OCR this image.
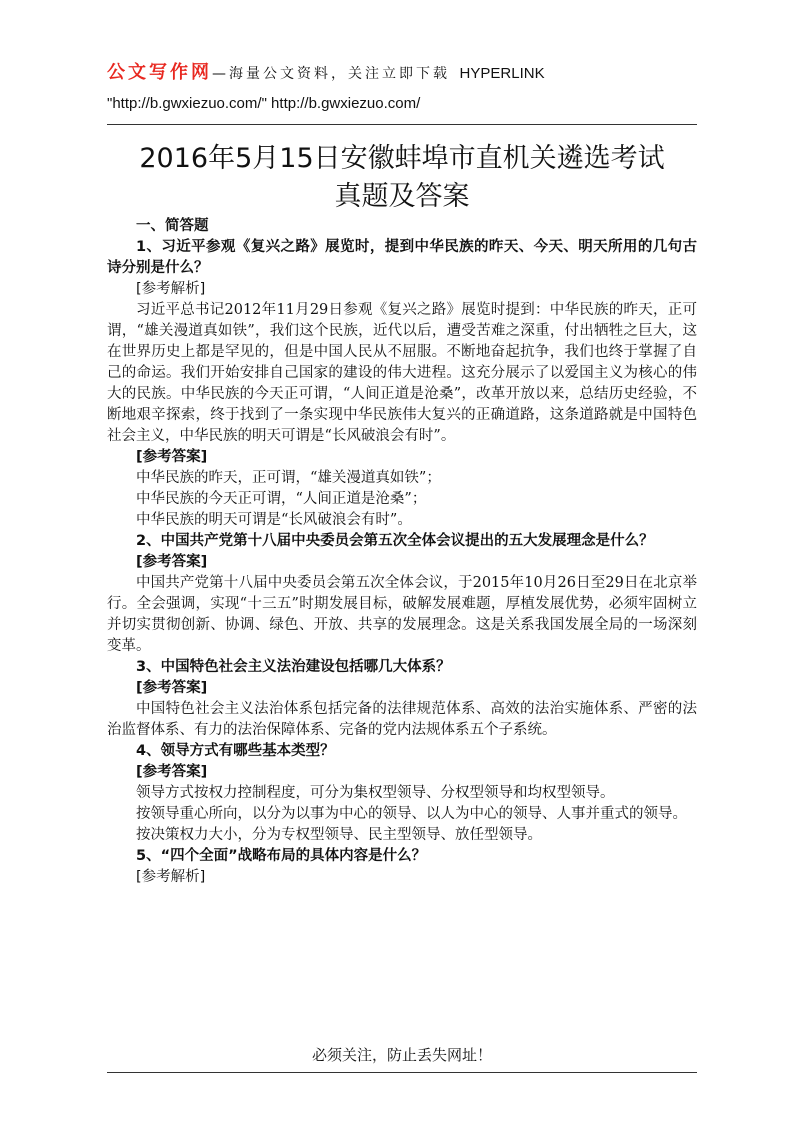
公文写作网—海量公文资料，关注立即下载 HYPERLINK
"http://b.gwxiezuo.com/" http://b.gwxiezuo.com/
2016年5月15日安徽蚌埠市直机关遴选考试
真题及答案

一、简答题

1、习近平参观《复兴之路》展览时，提到中华民族的昨天、今天、明天所用的几句古诗分别是什么？

[参考解析]

习近平总书记2012年11月29日参观《复兴之路》展览时提到：中华民族的昨天，正可谓，“雄关漫道真如铁”，我们这个民族，近代以后，遭受苦难之深重，付出牺牲之巨大，这在世界历史上都是罕见的，但是中国人民从不屈服。不断地奋起抗争，我们也终于掌握了自己的命运。我们开始安排自己国家的建设的伟大进程。这充分展示了以爱国主义为核心的伟大的民族。中华民族的今天正可谓，“人间正道是沧桑”，改革开放以来，总结历史经验，不断地艰辛探索，终于找到了一条实现中华民族伟大复兴的正确道路，这条道路就是中国特色社会主义，中华民族的明天可谓是“长风破浪会有时”。

[参考答案]

中华民族的昨天，正可谓，“雄关漫道真如铁”；

中华民族的今天正可谓，“人间正道是沧桑”；

中华民族的明天可谓是“长风破浪会有时”。

2、中国共产党第十八届中央委员会第五次全体会议提出的五大发展理念是什么？

[参考答案]

中国共产党第十八届中央委员会第五次全体会议，于2015年10月26日至29日在北京举行。全会强调，实现“十三五”时期发展目标，破解发展难题，厚植发展优势，必须牢固树立并切实贯彻创新、协调、绿色、开放、共享的发展理念。这是关系我国发展全局的一场深刻变革。

3、中国特色社会主义法治建设包括哪几大体系？

[参考答案]

中国特色社会主义法治体系包括完备的法律规范体系、高效的法治实施体系、严密的法治监督体系、有力的法治保障体系、完备的党内法规体系五个子系统。

4、领导方式有哪些基本类型？

[参考答案]

领导方式按权力控制程度，可分为集权型领导、分权型领导和均权型领导。

按领导重心所向，以分为以事为中心的领导、以人为中心的领导、人事并重式的领导。

按决策权力大小，分为专权型领导、民主型领导、放任型领导。

5、“四个全面”战略布局的具体内容是什么？

[参考解析]

必须关注，防止丢失网址！
